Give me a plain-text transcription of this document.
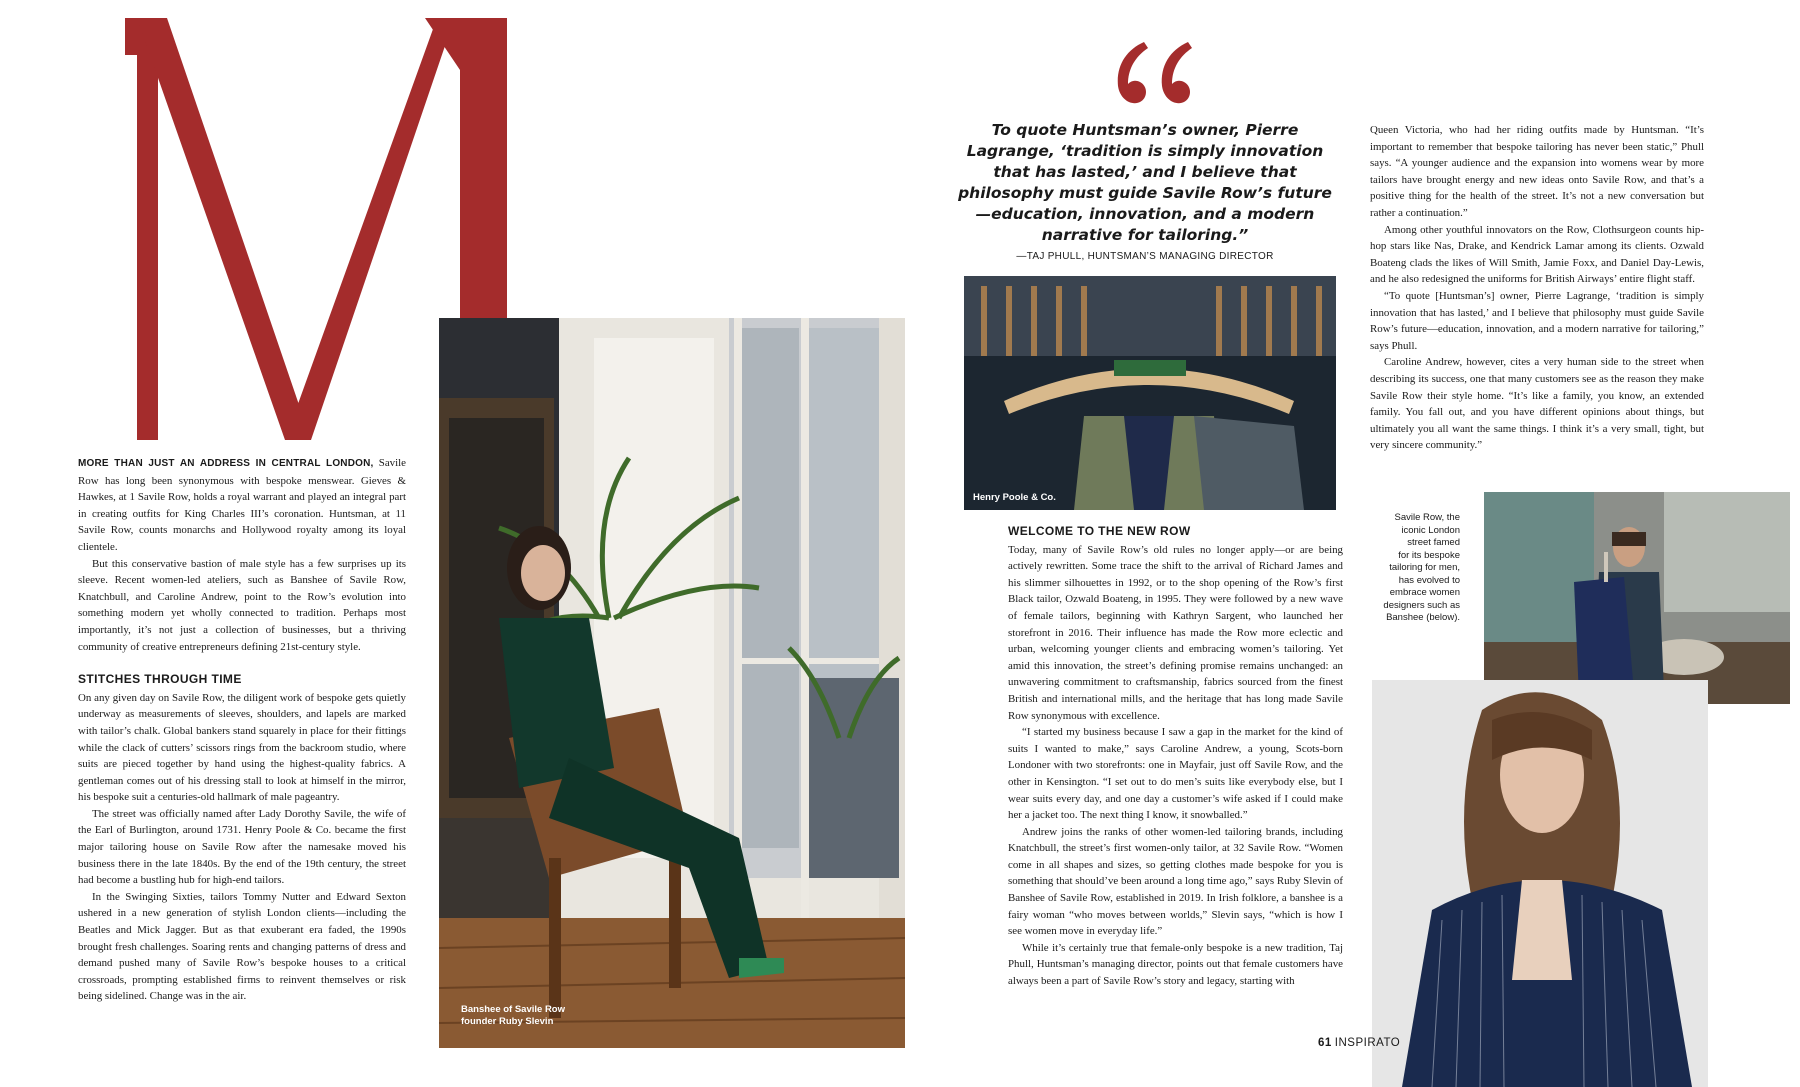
MORE THAN JUST AN ADDRESS IN CENTRAL LONDON, Savile Row has long been synonymous with bespoke menswear. Gieves & Hawkes, at 1 Savile Row, holds a royal warrant and played an integral part in creating outfits for King Charles III’s coronation. Huntsman, at 11 Savile Row, counts monarchs and Hollywood royalty among its loyal clientele.

But this conservative bastion of male style has a few surprises up its sleeve. Recent women-led ateliers, such as Banshee of Savile Row, Knatchbull, and Caroline Andrew, point to the Row’s evolution into something modern yet wholly connected to tradition. Perhaps most importantly, it’s not just a collection of businesses, but a thriving community of creative entrepreneurs defining 21st-century style.

STITCHES THROUGH TIME

On any given day on Savile Row, the diligent work of bespoke gets quietly underway as measurements of sleeves, shoulders, and lapels are marked with tailor’s chalk. Global bankers stand squarely in place for their fittings while the clack of cutters’ scissors rings from the backroom studio, where suits are pieced together by hand using the highest-quality fabrics. A gentleman comes out of his dressing stall to look at himself in the mirror, his bespoke suit a centuries-old hallmark of male pageantry.

The street was officially named after Lady Dorothy Savile, the wife of the Earl of Burlington, around 1731. Henry Poole & Co. became the first major tailoring house on Savile Row after the namesake moved his business there in the late 1840s. By the end of the 19th century, the street had become a bustling hub for high-end tailors.

In the Swinging Sixties, tailors Tommy Nutter and Edward Sexton ushered in a new generation of stylish London clients—including the Beatles and Mick Jagger. But as that exuberant era faded, the 1990s brought fresh challenges. Soaring rents and changing patterns of dress and demand pushed many of Savile Row’s bespoke houses to a critical crossroads, prompting established firms to reinvent themselves or risk being sidelined. Change was in the air.

Banshee of Savile Row
founder Ruby Slevin
To quote Huntsman’s owner, Pierre Lagrange, ‘tradition is simply innovation that has lasted,’ and I believe that philosophy must guide Savile Row’s future—education, innovation, and a modern narrative for tailoring.”
—TAJ PHULL, HUNTSMAN’S MANAGING DIRECTOR
Henry Poole & Co.
WELCOME TO THE NEW ROW

Today, many of Savile Row’s old rules no longer apply—or are being actively rewritten. Some trace the shift to the arrival of Richard James and his slimmer silhouettes in 1992, or to the shop opening of the Row’s first Black tailor, Ozwald Boateng, in 1995. They were followed by a new wave of female tailors, beginning with Kathryn Sargent, who launched her storefront in 2016. Their influence has made the Row more eclectic and urban, welcoming younger clients and embracing women’s tailoring. Yet amid this innovation, the street’s defining promise remains unchanged: an unwavering commitment to craftsmanship, fabrics sourced from the finest British and international mills, and the heritage that has long made Savile Row synonymous with excellence.

“I started my business because I saw a gap in the market for the kind of suits I wanted to make,” says Caroline Andrew, a young, Scots-born Londoner with two storefronts: one in Mayfair, just off Savile Row, and the other in Kensington. “I set out to do men’s suits like everybody else, but I wear suits every day, and one day a customer’s wife asked if I could make her a jacket too. The next thing I know, it snowballed.”

Andrew joins the ranks of other women-led tailoring brands, including Knatchbull, the street’s first women-only tailor, at 32 Savile Row. “Women come in all shapes and sizes, so getting clothes made bespoke for you is something that should’ve been around a long time ago,” says Ruby Slevin of Banshee of Savile Row, established in 2019. In Irish folklore, a banshee is a fairy woman “who moves between worlds,” Slevin says, “which is how I see women move in everyday life.”

While it’s certainly true that female-only bespoke is a new tradition, Taj Phull, Huntsman’s managing director, points out that female customers have always been a part of Savile Row’s story and legacy, starting with

Queen Victoria, who had her riding outfits made by Huntsman. “It’s important to remember that bespoke tailoring has never been static,” Phull says. “A younger audience and the expansion into womens wear by more tailors have brought energy and new ideas onto Savile Row, and that’s a positive thing for the health of the street. It’s not a new conversation but rather a continuation.”

Among other youthful innovators on the Row, Clothsurgeon counts hip-hop stars like Nas, Drake, and Kendrick Lamar among its clients. Ozwald Boateng clads the likes of Will Smith, Jamie Foxx, and Daniel Day-Lewis, and he also redesigned the uniforms for British Airways’ entire flight staff.

“To quote [Huntsman’s] owner, Pierre Lagrange, ‘tradition is simply innovation that has lasted,’ and I believe that philosophy must guide Savile Row’s future—education, innovation, and a modern narrative for tailoring,” says Phull.

Caroline Andrew, however, cites a very human side to the street when describing its success, one that many customers see as the reason they make Savile Row their style home. “It’s like a family, you know, an extended family. You fall out, and you have different opinions about things, but ultimately you all want the same things. I think it’s a very small, tight, but very sincere community.”

Savile Row, the
iconic London
street famed
for its bespoke
tailoring for men,
has evolved to
embrace women
designers such as
Banshee (below).
61 INSPIRATO
